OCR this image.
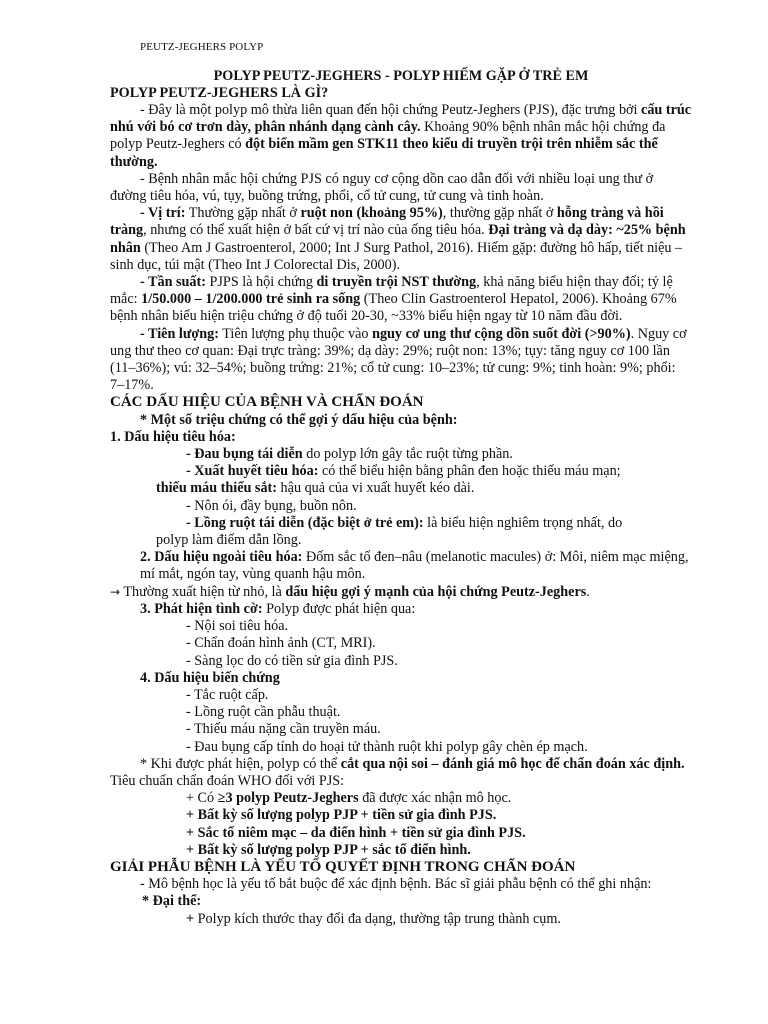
PEUTZ-JEGHERS POLYP
POLYP PEUTZ-JEGHERS - POLYP HIẾM GẶP Ở TRẺ EM
POLYP PEUTZ-JEGHERS LÀ GÌ?

- Đây là một polyp mô thừa liên quan đến hội chứng Peutz-Jeghers (PJS), đặc trưng bởi cấu trúc nhú với bó cơ trơn dày, phân nhánh dạng cành cây. Khoảng 90% bệnh nhân mắc hội chứng đa polyp Peutz-Jeghers có đột biến mầm gen STK11 theo kiểu di truyền trội trên nhiễm sắc thể thường.

- Bệnh nhân mắc hội chứng PJS có nguy cơ cộng dồn cao dẫn đối với nhiều loại ung thư ở đường tiêu hóa, vú, tụy, buồng trứng, phổi, cổ tử cung, tử cung và tinh hoàn.

- Vị trí: Thường gặp nhất ở ruột non (khoảng 95%), thường gặp nhất ở hỗng tràng và hồi tràng, nhưng có thể xuất hiện ở bất cứ vị trí nào của ống tiêu hóa. Đại tràng và dạ dày: ~25% bệnh nhân (Theo Am J Gastroenterol, 2000; Int J Surg Pathol, 2016). Hiếm gặp: đường hô hấp, tiết niệu – sinh dục, túi mật (Theo Int J Colorectal Dis, 2000).

- Tần suất: PJPS là hội chứng di truyền trội NST thường, khả năng biểu hiện thay đổi; tỷ lệ mắc: 1/50.000 – 1/200.000 trẻ sinh ra sống (Theo Clin Gastroenterol Hepatol, 2006). Khoảng 67% bệnh nhân biểu hiện triệu chứng ở độ tuổi 20-30, ~33% biểu hiện ngay từ 10 năm đầu đời.

- Tiên lượng: Tiên lượng phụ thuộc vào nguy cơ ung thư cộng dồn suốt đời (>90%). Nguy cơ ung thư theo cơ quan: Đại trực tràng: 39%; dạ dày: 29%; ruột non: 13%; tụy: tăng nguy cơ 100 lần (11–36%); vú: 32–54%; buồng trứng: 21%; cổ tử cung: 10–23%; tử cung: 9%; tinh hoàn: 9%; phổi: 7–17%.

CÁC DẤU HIỆU CỦA BỆNH VÀ CHẨN ĐOÁN

* Một số triệu chứng có thể gợi ý dấu hiệu của bệnh:

1. Dấu hiệu tiêu hóa:

- Đau bụng tái diễn do polyp lớn gây tắc ruột từng phần.

- Xuất huyết tiêu hóa: có thể biểu hiện bằng phân đen hoặc thiếu máu mạn;

thiếu máu thiếu sắt: hậu quả của vi xuất huyết kéo dài.

- Nôn ói, đầy bụng, buồn nôn.

- Lồng ruột tái diễn (đặc biệt ở trẻ em): là biểu hiện nghiêm trọng nhất, do

polyp làm điểm dẫn lồng.

2. Dấu hiệu ngoài tiêu hóa: Đốm sắc tố đen–nâu (melanotic macules) ở: Môi, niêm mạc miệng, mí mắt, ngón tay, vùng quanh hậu môn.

→ Thường xuất hiện từ nhỏ, là dấu hiệu gợi ý mạnh của hội chứng Peutz-Jeghers.

3. Phát hiện tình cờ: Polyp được phát hiện qua:

- Nội soi tiêu hóa.

- Chẩn đoán hình ảnh (CT, MRI).

- Sàng lọc do có tiền sử gia đình PJS.

4. Dấu hiệu biến chứng

- Tắc ruột cấp.

- Lồng ruột cần phẫu thuật.

- Thiếu máu nặng cần truyền máu.

- Đau bụng cấp tính do hoại tử thành ruột khi polyp gây chèn ép mạch.

* Khi được phát hiện, polyp có thể cắt qua nội soi – đánh giá mô học để chẩn đoán xác định. Tiêu chuẩn chẩn đoán WHO đối với PJS:

+ Có ≥3 polyp Peutz-Jeghers đã được xác nhận mô học.

+ Bất kỳ số lượng polyp PJP + tiền sử gia đình PJS.

+ Sắc tố niêm mạc – da điển hình + tiền sử gia đình PJS.

+ Bất kỳ số lượng polyp PJP + sắc tố điển hình.

GIẢI PHẪU BỆNH LÀ YẾU TỐ QUYẾT ĐỊNH TRONG CHẨN ĐOÁN

- Mô bệnh học là yếu tố bắt buộc để xác định bệnh. Bác sĩ giải phẫu bệnh có thể ghi nhận:

* Đại thể:

+ Polyp kích thước thay đổi đa dạng, thường tập trung thành cụm.
